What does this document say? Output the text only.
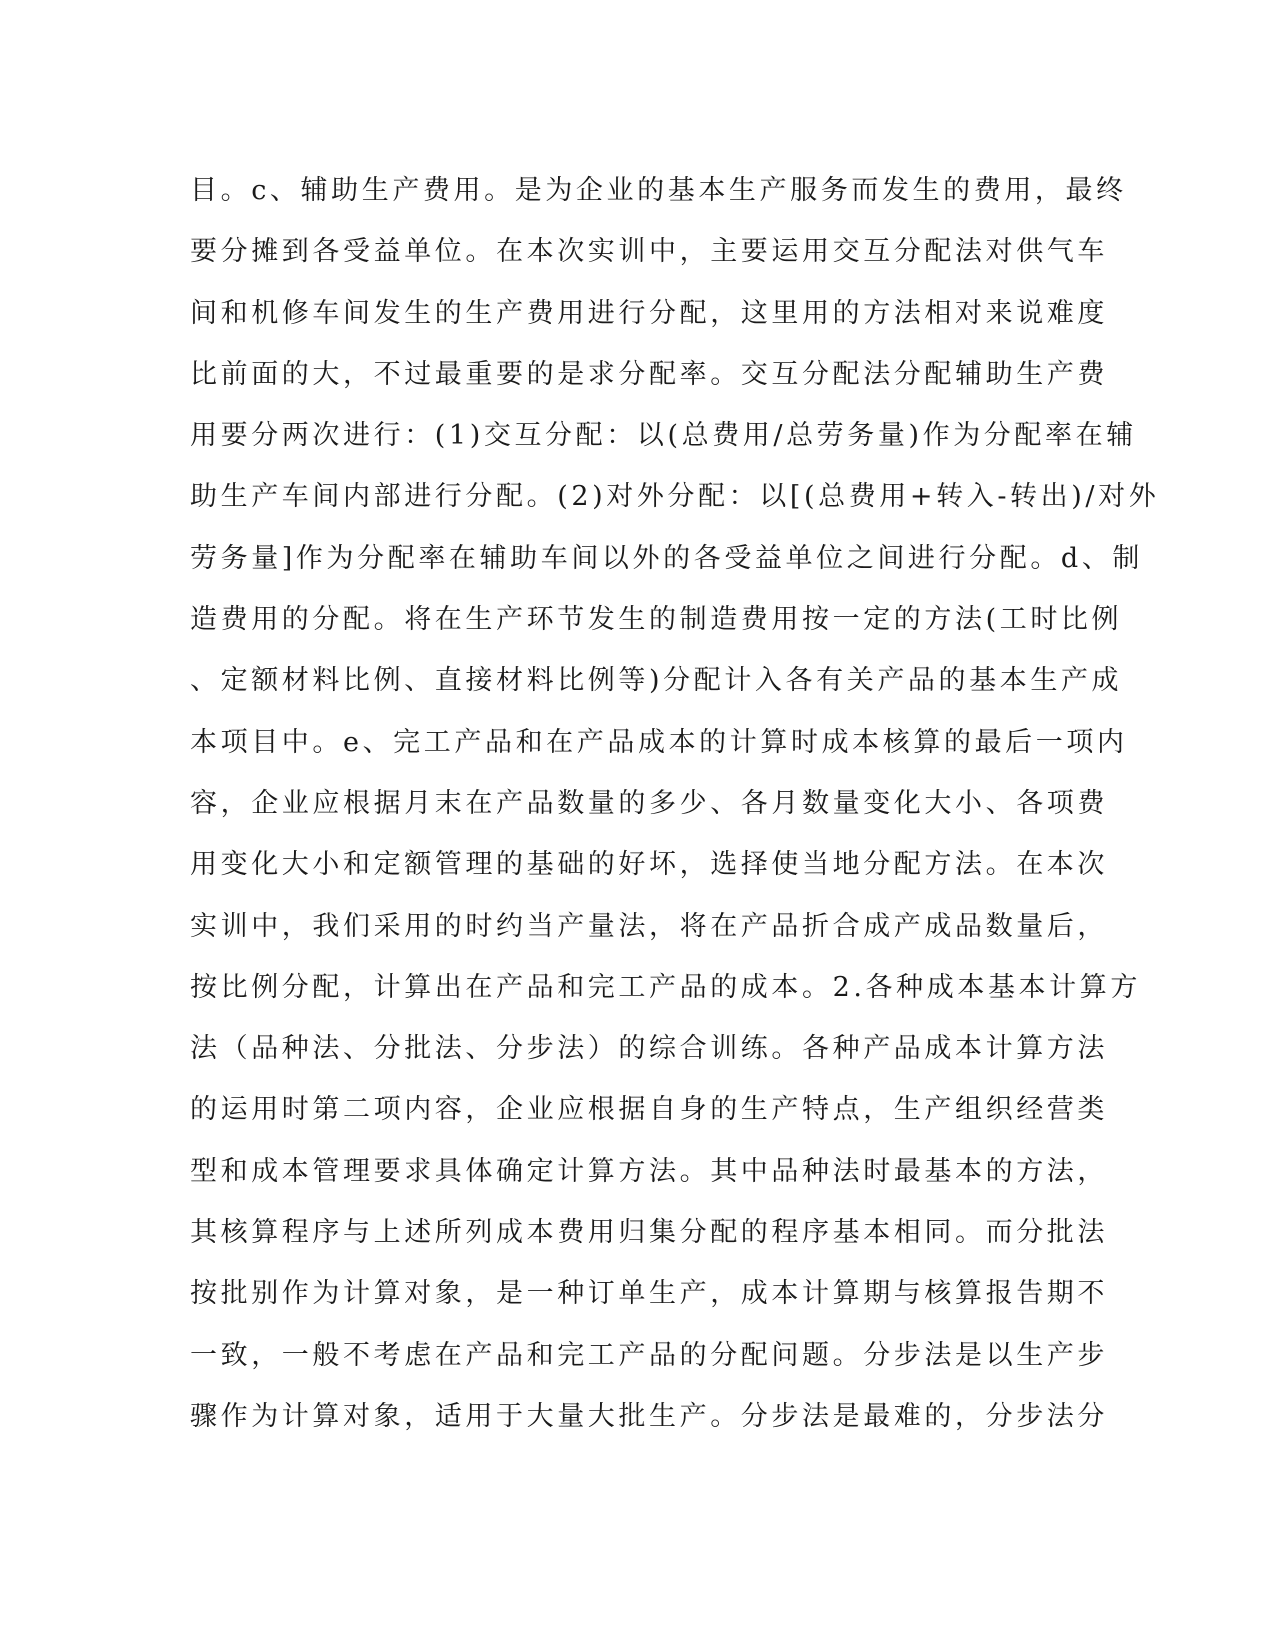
目。c、辅助生产费用。是为企业的基本生产服务而发生的费用，最终
要分摊到各受益单位。在本次实训中，主要运用交互分配法对供气车
间和机修车间发生的生产费用进行分配，这里用的方法相对来说难度
比前面的大，不过最重要的是求分配率。交互分配法分配辅助生产费
用要分两次进行：(1)交互分配：以(总费用/总劳务量)作为分配率在辅
助生产车间内部进行分配。(2)对外分配：以[(总费用+转入-转出)/对外
劳务量]作为分配率在辅助车间以外的各受益单位之间进行分配。d、制
造费用的分配。将在生产环节发生的制造费用按一定的方法(工时比例
、定额材料比例、直接材料比例等)分配计入各有关产品的基本生产成
本项目中。e、完工产品和在产品成本的计算时成本核算的最后一项内
容，企业应根据月末在产品数量的多少、各月数量变化大小、各项费
用变化大小和定额管理的基础的好坏，选择使当地分配方法。在本次
实训中，我们采用的时约当产量法，将在产品折合成产成品数量后，
按比例分配，计算出在产品和完工产品的成本。2.各种成本基本计算方
法（品种法、分批法、分步法）的综合训练。各种产品成本计算方法
的运用时第二项内容，企业应根据自身的生产特点，生产组织经营类
型和成本管理要求具体确定计算方法。其中品种法时最基本的方法，
其核算程序与上述所列成本费用归集分配的程序基本相同。而分批法
按批别作为计算对象，是一种订单生产，成本计算期与核算报告期不
一致，一般不考虑在产品和完工产品的分配问题。分步法是以生产步
骤作为计算对象，适用于大量大批生产。分步法是最难的，分步法分
